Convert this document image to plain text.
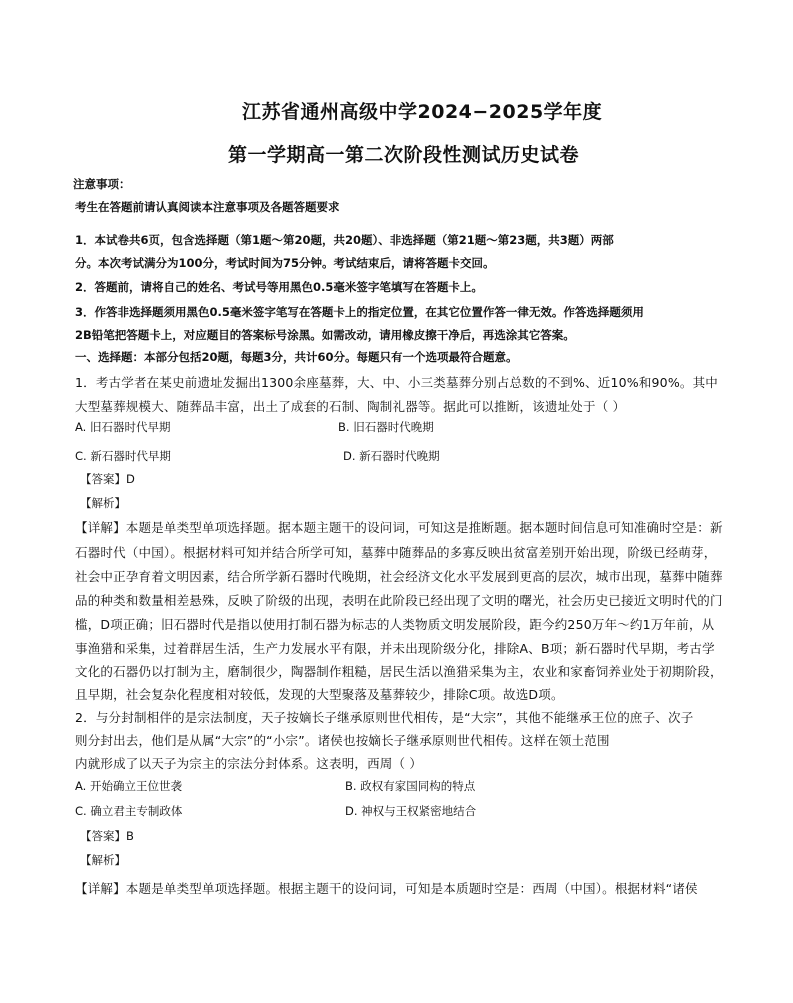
江苏省通州高级中学2024−2025学年度
第一学期高一第二次阶段性测试历史试卷
注意事项：
考生在答题前请认真阅读本注意事项及各题答题要求
1．本试卷共6页，包含选择题（第1题～第20题，共20题）、非选择题（第21题～第23题，共3题）两部
分。本次考试满分为100分，考试时间为75分钟。考试结束后，请将答题卡交回。
2．答题前，请将自己的姓名、考试号等用黑色0.5毫米签字笔填写在答题卡上。
3．作答非选择题须用黑色0.5毫米签字笔写在答题卡上的指定位置，在其它位置作答一律无效。作答选择题须用
2B铅笔把答题卡上，对应题目的答案标号涂黑。如需改动，请用橡皮擦干净后，再选涂其它答案。
一、选择题：本部分包括20题，每题3分，共计60分。每题只有一个选项最符合题意。
1．考古学者在某史前遗址发掘出1300余座墓葬，大、中、小三类墓葬分别占总数的不到%、近10%和90%。其中
大型墓葬规模大、随葬品丰富，出土了成套的石制、陶制礼器等。据此可以推断，该遗址处于（ ）
A. 旧石器时代早期	B. 旧石器时代晚期
C. 新石器时代早期	D. 新石器时代晚期
【答案】D
【解析】
【详解】本题是单类型单项选择题。据本题主题干的设问词，可知这是推断题。据本题时间信息可知准确时空是：新
石器时代（中国）。根据材料可知并结合所学可知，墓葬中随葬品的多寡反映出贫富差别开始出现，阶级已经萌芽，
社会中正孕育着文明因素，结合所学新石器时代晚期，社会经济文化水平发展到更高的层次，城市出现，墓葬中随葬
品的种类和数量相差悬殊，反映了阶级的出现，表明在此阶段已经出现了文明的曙光，社会历史已接近文明时代的门
槛，D项正确；旧石器时代是指以使用打制石器为标志的人类物质文明发展阶段，距今约250万年～约1万年前，从
事渔猎和采集，过着群居生活，生产力发展水平有限，并未出现阶级分化，排除A、B项；新石器时代早期，考古学
文化的石器仍以打制为主，磨制很少，陶器制作粗糙，居民生活以渔猎采集为主，农业和家畜饲养业处于初期阶段，
且早期，社会复杂化程度相对较低，发现的大型聚落及墓葬较少，排除C项。故选D项。
2．与分封制相伴的是宗法制度，天子按嫡长子继承原则世代相传，是“大宗”，其他不能继承王位的庶子、次子
则分封出去，他们是从属“大宗”的“小宗”。诸侯也按嫡长子继承原则世代相传。这样在领土范围
内就形成了以天子为宗主的宗法分封体系。这表明，西周（ ）
A. 开始确立王位世袭	B. 政权有家国同构的特点
C. 确立君主专制政体	D. 神权与王权紧密地结合
【答案】B
【解析】
【详解】本题是单类型单项选择题。根据主题干的设问词，可知是本质题时空是：西周（中国）。根据材料“诸侯
